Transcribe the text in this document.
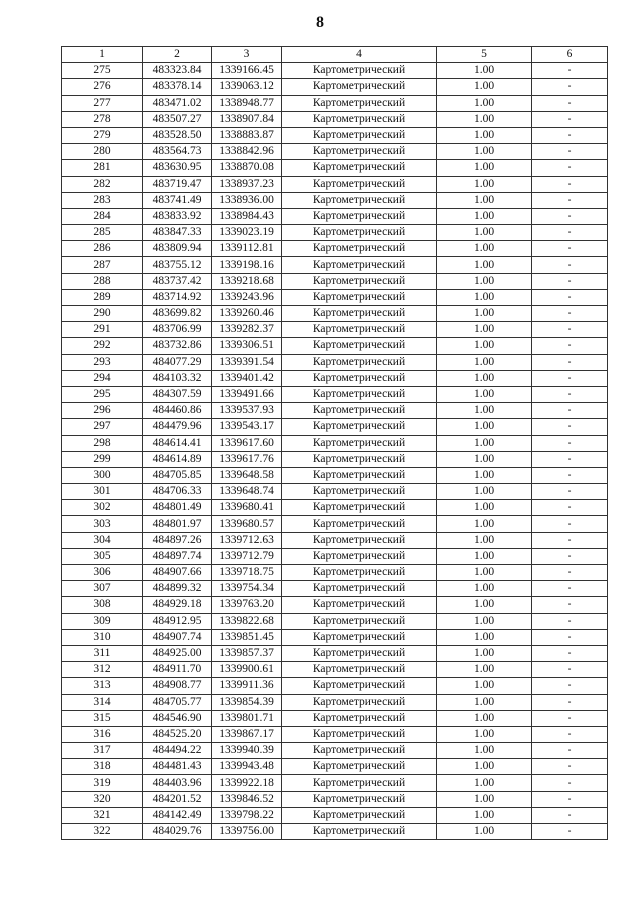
8
1	2	3	4	5	6
275	483323.84	1339166.45	Картометрический	1.00	-
276	483378.14	1339063.12	Картометрический	1.00	-
277	483471.02	1338948.77	Картометрический	1.00	-
278	483507.27	1338907.84	Картометрический	1.00	-
279	483528.50	1338883.87	Картометрический	1.00	-
280	483564.73	1338842.96	Картометрический	1.00	-
281	483630.95	1338870.08	Картометрический	1.00	-
282	483719.47	1338937.23	Картометрический	1.00	-
283	483741.49	1338936.00	Картометрический	1.00	-
284	483833.92	1338984.43	Картометрический	1.00	-
285	483847.33	1339023.19	Картометрический	1.00	-
286	483809.94	1339112.81	Картометрический	1.00	-
287	483755.12	1339198.16	Картометрический	1.00	-
288	483737.42	1339218.68	Картометрический	1.00	-
289	483714.92	1339243.96	Картометрический	1.00	-
290	483699.82	1339260.46	Картометрический	1.00	-
291	483706.99	1339282.37	Картометрический	1.00	-
292	483732.86	1339306.51	Картометрический	1.00	-
293	484077.29	1339391.54	Картометрический	1.00	-
294	484103.32	1339401.42	Картометрический	1.00	-
295	484307.59	1339491.66	Картометрический	1.00	-
296	484460.86	1339537.93	Картометрический	1.00	-
297	484479.96	1339543.17	Картометрический	1.00	-
298	484614.41	1339617.60	Картометрический	1.00	-
299	484614.89	1339617.76	Картометрический	1.00	-
300	484705.85	1339648.58	Картометрический	1.00	-
301	484706.33	1339648.74	Картометрический	1.00	-
302	484801.49	1339680.41	Картометрический	1.00	-
303	484801.97	1339680.57	Картометрический	1.00	-
304	484897.26	1339712.63	Картометрический	1.00	-
305	484897.74	1339712.79	Картометрический	1.00	-
306	484907.66	1339718.75	Картометрический	1.00	-
307	484899.32	1339754.34	Картометрический	1.00	-
308	484929.18	1339763.20	Картометрический	1.00	-
309	484912.95	1339822.68	Картометрический	1.00	-
310	484907.74	1339851.45	Картометрический	1.00	-
311	484925.00	1339857.37	Картометрический	1.00	-
312	484911.70	1339900.61	Картометрический	1.00	-
313	484908.77	1339911.36	Картометрический	1.00	-
314	484705.77	1339854.39	Картометрический	1.00	-
315	484546.90	1339801.71	Картометрический	1.00	-
316	484525.20	1339867.17	Картометрический	1.00	-
317	484494.22	1339940.39	Картометрический	1.00	-
318	484481.43	1339943.48	Картометрический	1.00	-
319	484403.96	1339922.18	Картометрический	1.00	-
320	484201.52	1339846.52	Картометрический	1.00	-
321	484142.49	1339798.22	Картометрический	1.00	-
322	484029.76	1339756.00	Картометрический	1.00	-
